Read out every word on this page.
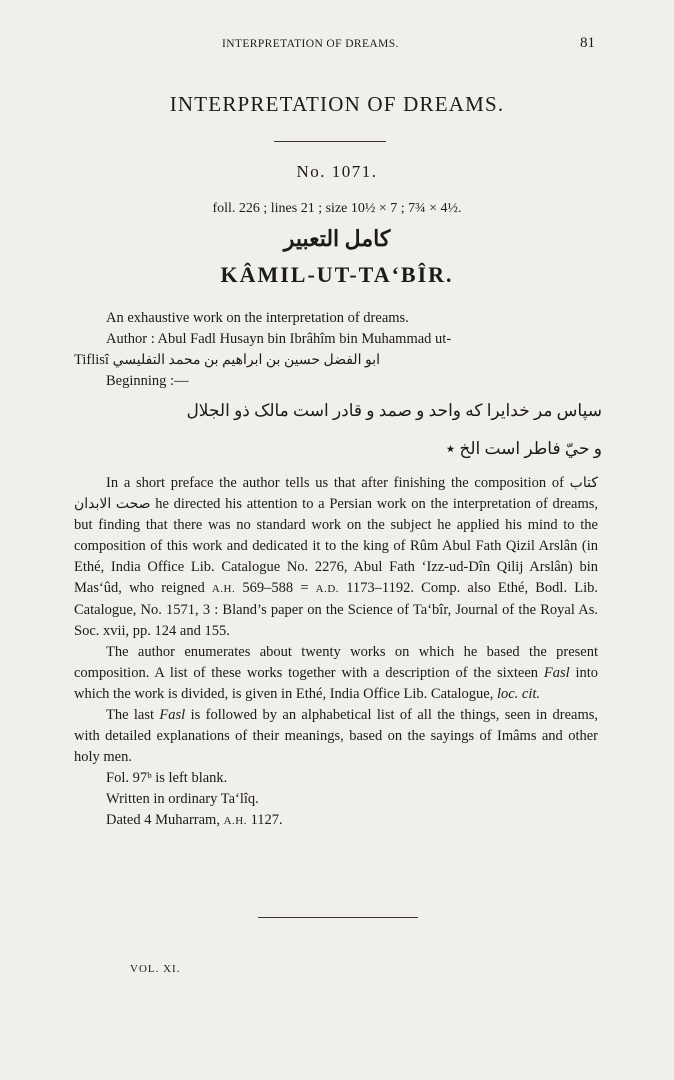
INTERPRETATION OF DREAMS.	81
INTERPRETATION OF DREAMS.
No. 1071.
foll. 226 ; lines 21 ; size 10½ × 7 ; 7¾ × 4½.
كامل التعبير
KÂMIL-UT-TA‘BÎR.

An exhaustive work on the interpretation of dreams.

Author : Abul Fadl Husayn bin Ibrâhîm bin Muhammad ut-

Tiflisî ابو الفضل حسين بن ابراهيم بن محمد التفليسي

Beginning :—

سپاس مر خدايرا كه واحد و صمد و قادر است مالک ذو الجلال
و حيّ فاطر است الخ ٭

In a short preface the author tells us that after finishing the composition of كتاب صحت الابدان he directed his attention to a Persian work on the interpretation of dreams, but finding that there was no standard work on the subject he applied his mind to the composition of this work and dedicated it to the king of Rûm Abul Fath Qizil Arslân (in Ethé, India Office Lib. Catalogue No. 2276, Abul Fath ‘Izz-ud-Dîn Qilij Arslân) bin Mas‘ûd, who reigned A.H. 569–588 = A.D. 1173–1192. Comp. also Ethé, Bodl. Lib. Catalogue, No. 1571, 3 : Bland’s paper on the Science of Ta‘bîr, Journal of the Royal As. Soc. xvii, pp. 124 and 155.

The author enumerates about twenty works on which he based the present composition. A list of these works together with a description of the sixteen Fasl into which the work is divided, is given in Ethé, India Office Lib. Catalogue, loc. cit.

The last Fasl is followed by an alphabetical list of all the things, seen in dreams, with detailed explanations of their meanings, based on the sayings of Imâms and other holy men.

Fol. 97ᵇ is left blank.

Written in ordinary Ta‘lîq.

Dated 4 Muharram, A.H. 1127.

VOL. XI.
